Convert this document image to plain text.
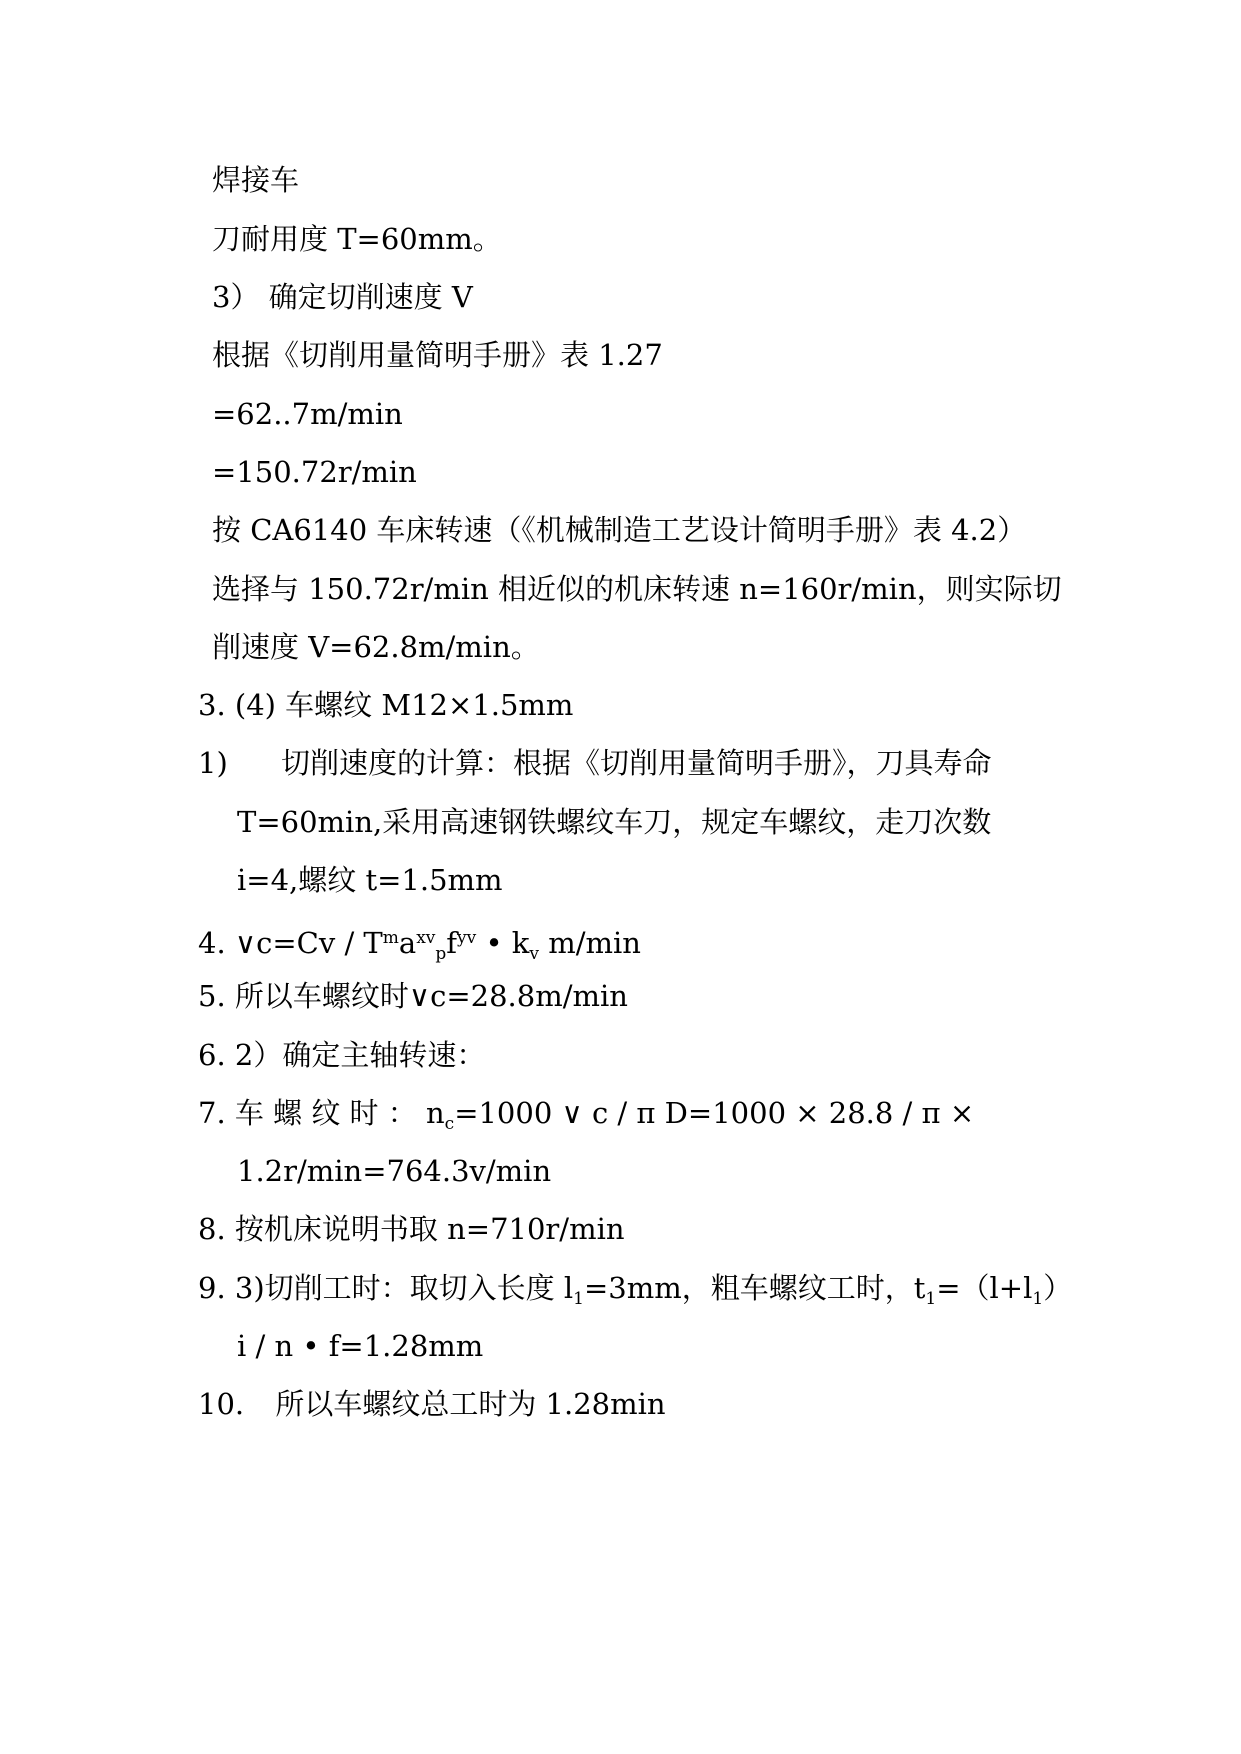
焊接车
刀耐用度 T=60mm。
3） 确定切削速度 V
根据《切削用量简明手册》表 1.27
=62..7m/min
=150.72r/min
按 CA6140 车床转速（《机械制造工艺设计简明手册》表 4.2）
选择与 150.72r/min 相近似的机床转速 n=160r/min，则实际切
削速度 V=62.8m/min。
3. (4) 车螺纹 M12×1.5mm
1) 切削速度的计算：根据《切削用量简明手册》，刀具寿命
T=60min,采用高速钢铁螺纹车刀，规定车螺纹，走刀次数
i=4,螺纹 t=1.5mm
4. ∨c=Cv / $T^ma^{xv}_pf^{yv}$ • $k_v$ m/min
5. 所以车螺纹时∨c=28.8m/min
6. 2）确定主轴转速：
7. 车 螺 纹 时 ： $n_c=1000$ ∨ c / π D=1000 × 28.8 / π ×
1.2r/min=764.3v/min
8. 按机床说明书取 n=710r/min
9. 3)切削工时：取切入长度 $l_1=3mm$，粗车螺纹工时，$t_1=(l+l_1)$
i / n • f=1.28mm
10. 所以车螺纹总工时为 1.28min
